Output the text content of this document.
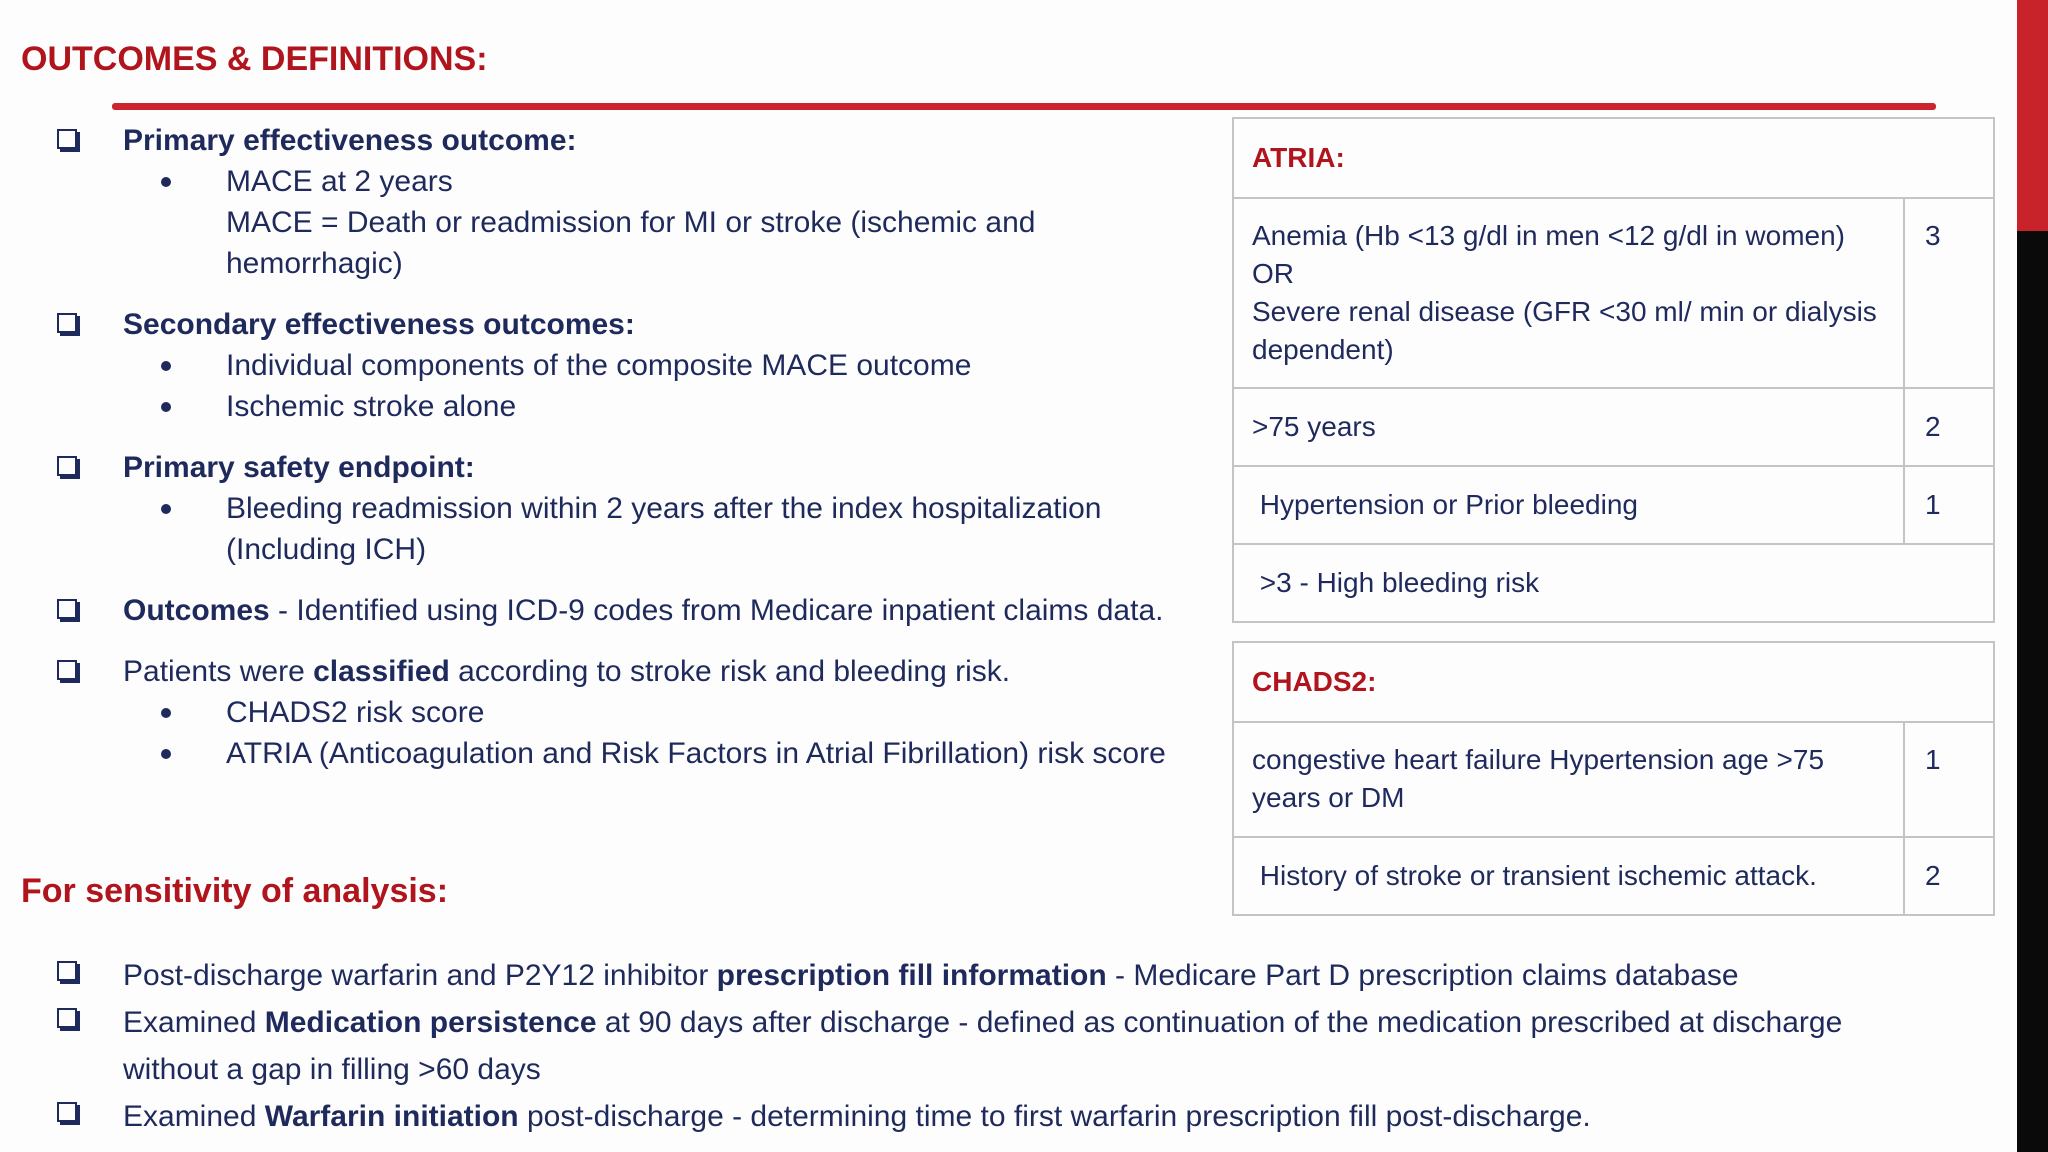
OUTCOMES & DEFINITIONS:
Primary effectiveness outcome:
MACE at 2 years
MACE = Death or readmission for MI or stroke (ischemic and
hemorrhagic)
Secondary effectiveness outcomes:
Individual components of the composite MACE outcome
Ischemic stroke alone
Primary safety endpoint:
Bleeding readmission within 2 years after the index hospitalization
(Including ICH)
Outcomes - Identified using ICD-9 codes from Medicare inpatient claims data.
Patients were classified according to stroke risk and bleeding risk.
CHADS2 risk score
ATRIA (Anticoagulation and Risk Factors in Atrial Fibrillation) risk score
ATRIA:	

Anemia (Hb <13 g/dl in men <12 g/dl in women)
OR
Severe renal disease (GFR <30 ml/ min or dialysis
dependent)	3
>75 years	2
Hypertension or Prior bleeding	1
>3 - High bleeding risk	
CHADS2:	

congestive heart failure Hypertension age >75
years or DM	1
History of stroke or transient ischemic attack.	2
For sensitivity of analysis:
Post-discharge warfarin and P2Y12 inhibitor prescription fill information - Medicare Part D prescription claims database
Examined Medication persistence at 90 days after discharge - defined as continuation of the medication prescribed at discharge
without a gap in filling >60 days
Examined Warfarin initiation post-discharge - determining time to first warfarin prescription fill post-discharge.
